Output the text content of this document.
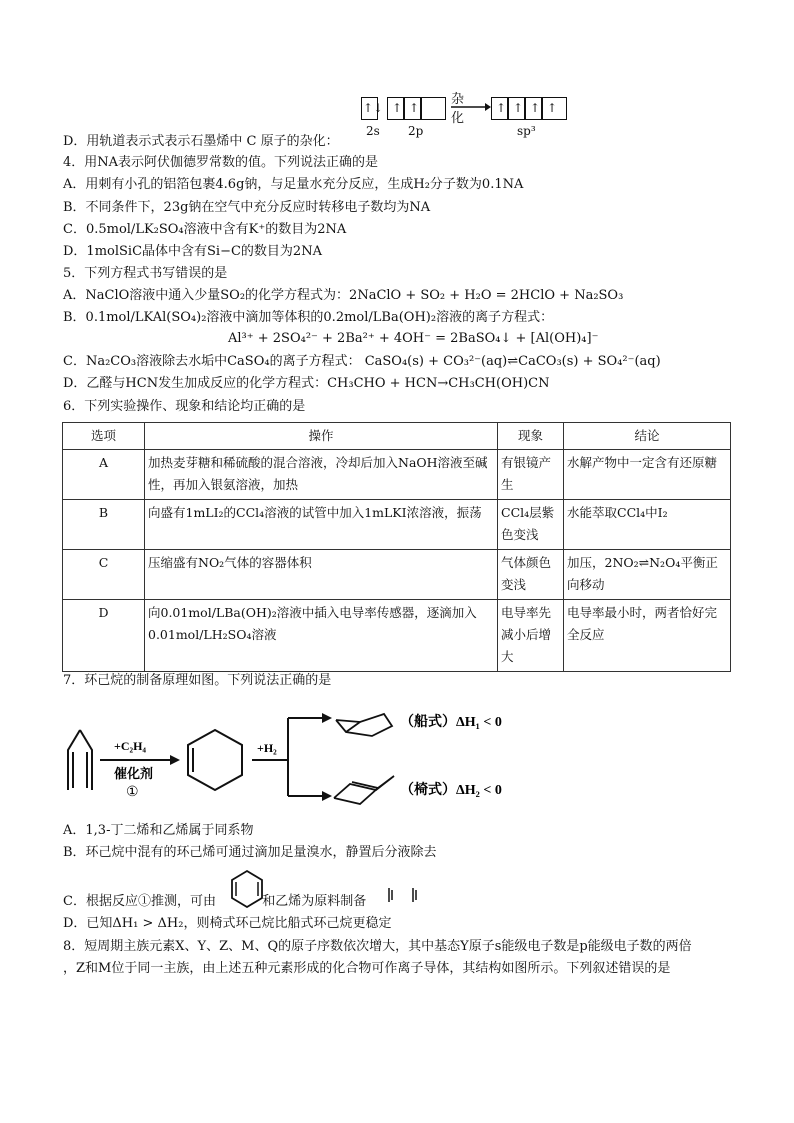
↑↓ ↑ ↑
2s 2p
杂化
↑ ↑ ↑ ↑
sp³
D．用轨道表示式表示石墨烯中 C 原子的杂化：
4．用NA表示阿伏伽德罗常数的值。下列说法正确的是
A．用刺有小孔的铝箔包裹4.6g钠，与足量水充分反应，生成H₂分子数为0.1NA
B．不同条件下，23g钠在空气中充分反应时转移电子数均为NA
C．0.5mol/LK₂SO₄溶液中含有K⁺的数目为2NA
D．1molSiC晶体中含有Si−C的数目为2NA
5．下列方程式书写错误的是
A．NaClO溶液中通入少量SO₂的化学方程式为：2NaClO + SO₂ + H₂O = 2HClO + Na₂SO₃
B．0.1mol/LKAl(SO₄)₂溶液中滴加等体积的0.2mol/LBa(OH)₂溶液的离子方程式：
Al³⁺ + 2SO₄²⁻ + 2Ba²⁺ + 4OH⁻ = 2BaSO₄↓ + [Al(OH)₄]⁻
C．Na₂CO₃溶液除去水垢中CaSO₄的离子方程式： CaSO₄(s) + CO₃²⁻(aq)⇌CaCO₃(s) + SO₄²⁻(aq)
D．乙醛与HCN发生加成反应的化学方程式：CH₃CHO + HCN→CH₃CH(OH)CN
6．下列实验操作、现象和结论均正确的是
选项	操作	现象	结论
A	加热麦芽糖和稀硫酸的混合溶液，冷却后加入NaOH溶液至碱性，再加入银氨溶液，加热	有银镜产生	水解产物中一定含有还原糖
B	向盛有1mLI₂的CCl₄溶液的试管中加入1mLKI浓溶液，振荡	CCl₄层紫色变浅	水能萃取CCl₄中I₂
C	压缩盛有NO₂气体的容器体积	气体颜色变浅	加压，2NO₂⇌N₂O₄平衡正向移动
D	向0.01mol/LBa(OH)₂溶液中插入电导率传感器，逐滴加入0.01mol/LH₂SO₄溶液	电导率先减小后增大	电导率最小时，两者恰好完全反应
7．环己烷的制备原理如图。下列说法正确的是
+C₂H₄
催化剂
①
+H₂
（船式）ΔH₁ < 0
（椅式）ΔH₂ < 0
A．1,3-丁二烯和乙烯属于同系物
B．环己烷中混有的环己烯可通过滴加足量溴水，静置后分液除去
C．根据反应①推测，可由	和乙烯为原料制备
D．已知ΔH₁ > ΔH₂，则椅式环己烷比船式环己烷更稳定
8．短周期主族元素X、Y、Z、M、Q的原子序数依次增大，其中基态Y原子s能级电子数是p能级电子数的两倍
，Z和M位于同一主族，由上述五种元素形成的化合物可作离子导体，其结构如图所示。下列叙述错误的是
